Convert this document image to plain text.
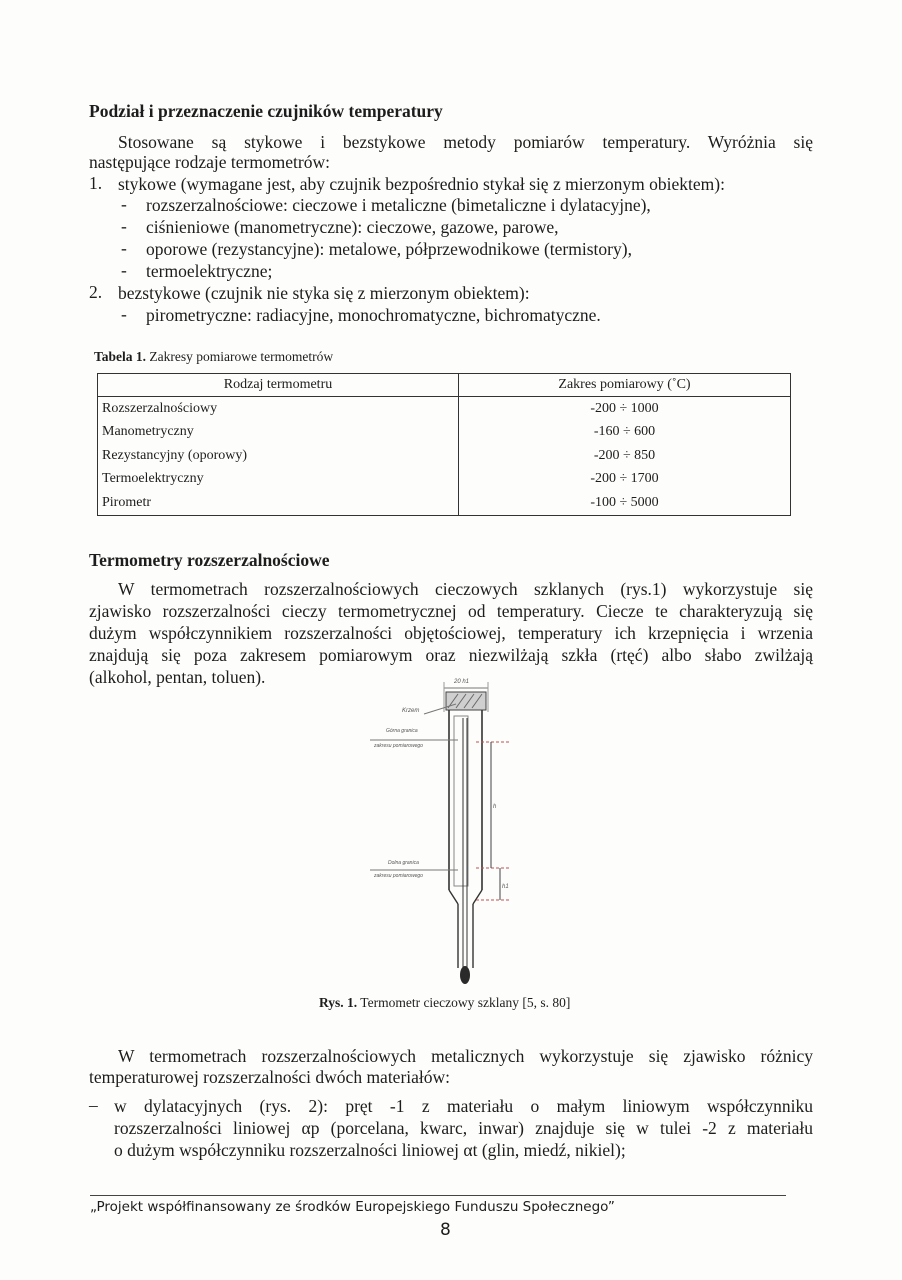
Podział i przeznaczenie czujników temperatury
Stosowane są stykowe i bezstykowe metody pomiarów temperatury. Wyróżnia się
następujące rodzaje termometrów:
1. stykowe (wymagane jest, aby czujnik bezpośrednio stykał się z mierzonym obiektem):
- rozszerzalnościowe: cieczowe i metaliczne (bimetaliczne i dylatacyjne),
- ciśnieniowe (manometryczne): cieczowe, gazowe, parowe,
- oporowe (rezystancyjne): metalowe, półprzewodnikowe (termistory),
- termoelektryczne;
2. bezstykowe (czujnik nie styka się z mierzonym obiektem):
- pirometryczne: radiacyjne, monochromatyczne, bichromatyczne.
Tabela 1. Zakresy pomiarowe termometrów
Rodzaj termometru	Zakres pomiarowy (˚C)
Rozszerzalnościowy	-200 ÷ 1000
Manometryczny	-160 ÷ 600
Rezystancyjny (oporowy)	-200 ÷ 850
Termoelektryczny	-200 ÷ 1700
Pirometr	-100 ÷ 5000
Termometry rozszerzalnościowe
W termometrach rozszerzalnościowych cieczowych szklanych (rys.1) wykorzystuje się
zjawisko rozszerzalności cieczy termometrycznej od temperatury. Ciecze te charakteryzują się
dużym współczynnikiem rozszerzalności objętościowej, temperatury ich krzepnięcia i wrzenia
znajdują się poza zakresem pomiarowym oraz niezwilżają szkła (rtęć) albo słabo zwilżają
(alkohol, pentan, toluen).	20 h1
Krzem
Górna granica
zakresu pomiarowego
Dolna granica
zakresu pomiarowego
h
h1
Rys. 1. Termometr cieczowy szklany [5, s. 80]
W termometrach rozszerzalnościowych metalicznych wykorzystuje się zjawisko różnicy
temperaturowej rozszerzalności dwóch materiałów:
– w dylatacyjnych (rys. 2): pręt -1 z materiału o małym liniowym współczynniku
rozszerzalności liniowej αp (porcelana, kwarc, inwar) znajduje się w tulei -2 z materiału
o dużym współczynniku rozszerzalności liniowej αt (glin, miedź, nikiel);
„Projekt współfinansowany ze środków Europejskiego Funduszu Społecznego”
8
